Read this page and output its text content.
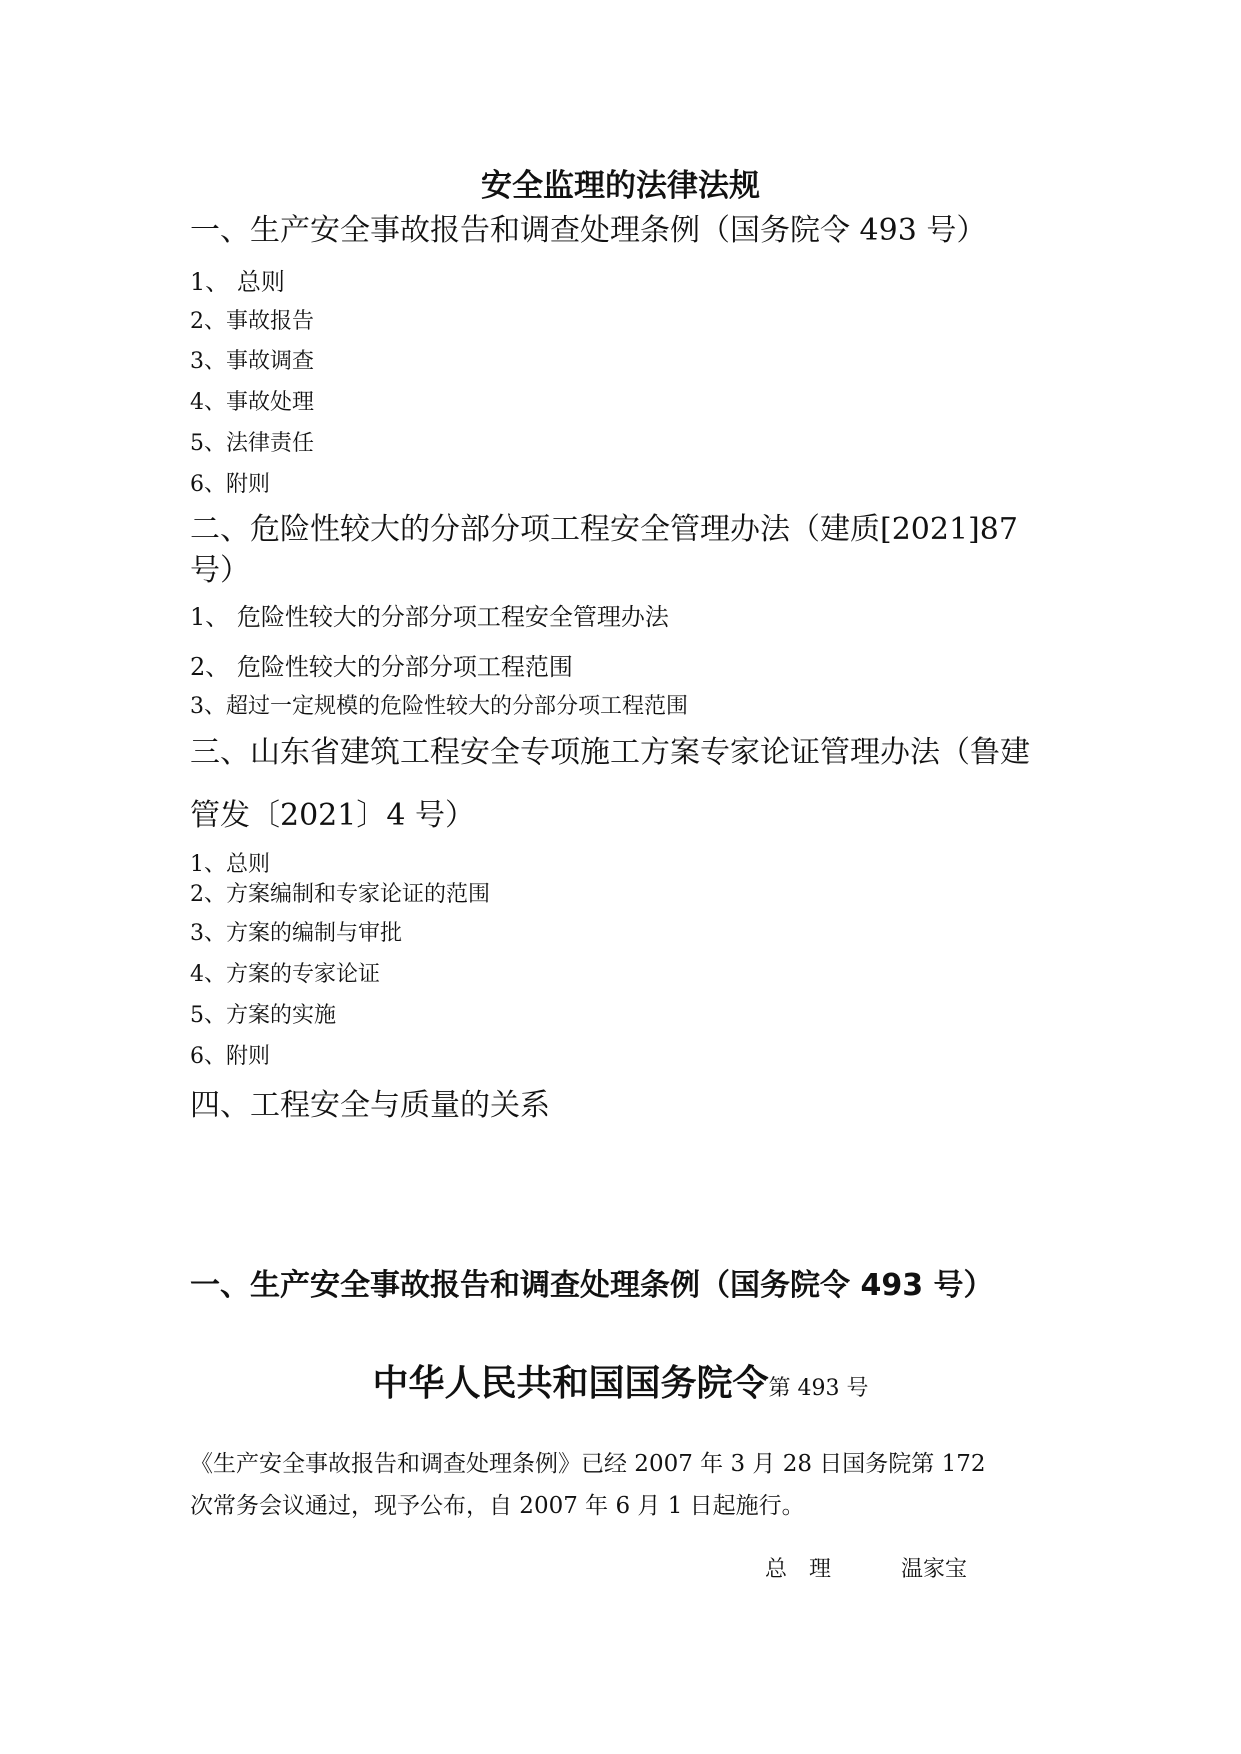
安全监理的法律法规
一、生产安全事故报告和调查处理条例（国务院令 493 号）
1、 总则
2、事故报告
3、事故调查
4、事故处理
5、法律责任
6、附则
二、危险性较大的分部分项工程安全管理办法（建质[2021]87
号）
1、 危险性较大的分部分项工程安全管理办法
2、 危险性较大的分部分项工程范围
3、超过一定规模的危险性较大的分部分项工程范围
三、山东省建筑工程安全专项施工方案专家论证管理办法（鲁建
管发〔2021〕4 号）
1、总则
2、方案编制和专家论证的范围
3、方案的编制与审批
4、方案的专家论证
5、方案的实施
6、附则
四、工程安全与质量的关系
一、生产安全事故报告和调查处理条例（国务院令 493 号）
中华人民共和国国务院令第 493 号
《生产安全事故报告和调查处理条例》已经 2007 年 3 月 28 日国务院第 172
次常务会议通过，现予公布，自 2007 年 6 月 1 日起施行。
总　理	温家宝
